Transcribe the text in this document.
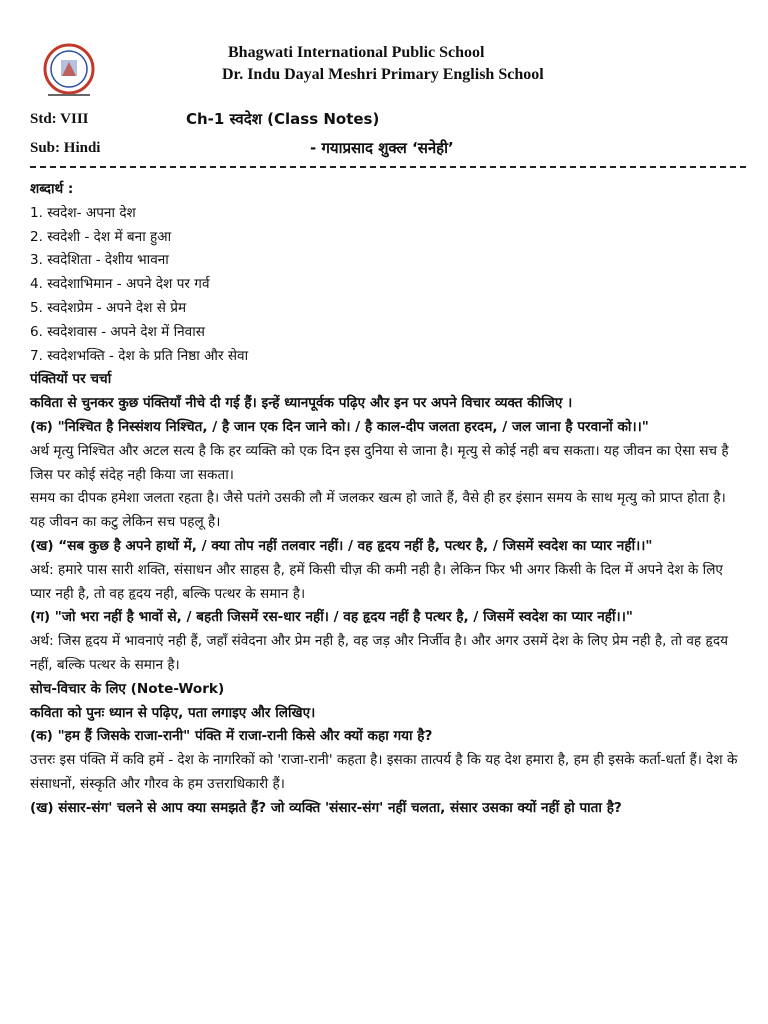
Bhagwati International Public School
Dr. Indu Dayal Meshri Primary English School
Std: VIII	Ch-1 स्वदेश (Class Notes)
Sub: Hindi	- गयाप्रसाद शुक्ल ‘सनेही’

शब्दार्थ :

1. स्वदेश- अपना देश

2. स्वदेशी - देश में बना हुआ

3. स्वदेशिता - देशीय भावना

4. स्वदेशाभिमान - अपने देश पर गर्व

5. स्वदेशप्रेम - अपने देश से प्रेम

6. स्वदेशवास - अपने देश में निवास

7. स्वदेशभक्ति - देश के प्रति निष्ठा और सेवा

पंक्तियों पर चर्चा

कविता से चुनकर कुछ पंक्तियाँ नीचे दी गई हैं। इन्हें ध्यानपूर्वक पढ़िए और इन पर अपने विचार व्यक्त कीजिए ।

(क) "निश्चित है निस्संशय निश्चित, / है जान एक दिन जाने को। / है काल-दीप जलता हरदम, / जल जाना है परवानों को।।"

अर्थ मृत्यु निश्चित और अटल सत्य है कि हर व्यक्ति को एक दिन इस दुनिया से जाना है। मृत्यु से कोई नही बच सकता। यह जीवन का ऐसा सच है जिस पर कोई संदेह नही किया जा सकता।

समय का दीपक हमेशा जलता रहता है। जैसे पतंगे उसकी लौ में जलकर खत्म हो जाते हैं, वैसे ही हर इंसान समय के साथ मृत्यु को प्राप्त होता है। यह जीवन का कटु लेकिन सच पहलू है।

(ख) “सब कुछ है अपने हाथों में, / क्या तोप नहीं तलवार नहीं। / वह हृदय नहीं है, पत्थर है, / जिसमें स्वदेश का प्यार नहीं।।"

अर्थ: हमारे पास सारी शक्ति, संसाधन और साहस है, हमें किसी चीज़ की कमी नही है। लेकिन फिर भी अगर किसी के दिल में अपने देश के लिए प्यार नही है, तो वह हृदय नही, बल्कि पत्थर के समान है।

(ग) "जो भरा नहीं है भावों से, / बहती जिसमें रस-धार नहीं। / वह हृदय नहीं है पत्थर है, / जिसमें स्वदेश का प्यार नहीं।।"

अर्थ: जिस हृदय में भावनाएं नही हैं, जहाँ संवेदना और प्रेम नही है, वह जड़ और निर्जीव है। और अगर उसमें देश के लिए प्रेम नही है, तो वह हृदय नहीं, बल्कि पत्थर के समान है।

सोच-विचार के लिए (Note-Work)

कविता को पुनः ध्यान से पढ़िए, पता लगाइए और लिखिए।

(क) "हम हैं जिसके राजा-रानी" पंक्ति में राजा-रानी किसे और क्यों कहा गया है?

उत्तरः इस पंक्ति में कवि हमें - देश के नागरिकों को 'राजा-रानी' कहता है। इसका तात्पर्य है कि यह देश हमारा है, हम ही इसके कर्ता-धर्ता हैं। देश के संसाधनों, संस्कृति और गौरव के हम उत्तराधिकारी हैं।

(ख) संसार-संग' चलने से आप क्या समझते हैं? जो व्यक्ति 'संसार-संग' नहीं चलता, संसार उसका क्यों नहीं हो पाता है?
